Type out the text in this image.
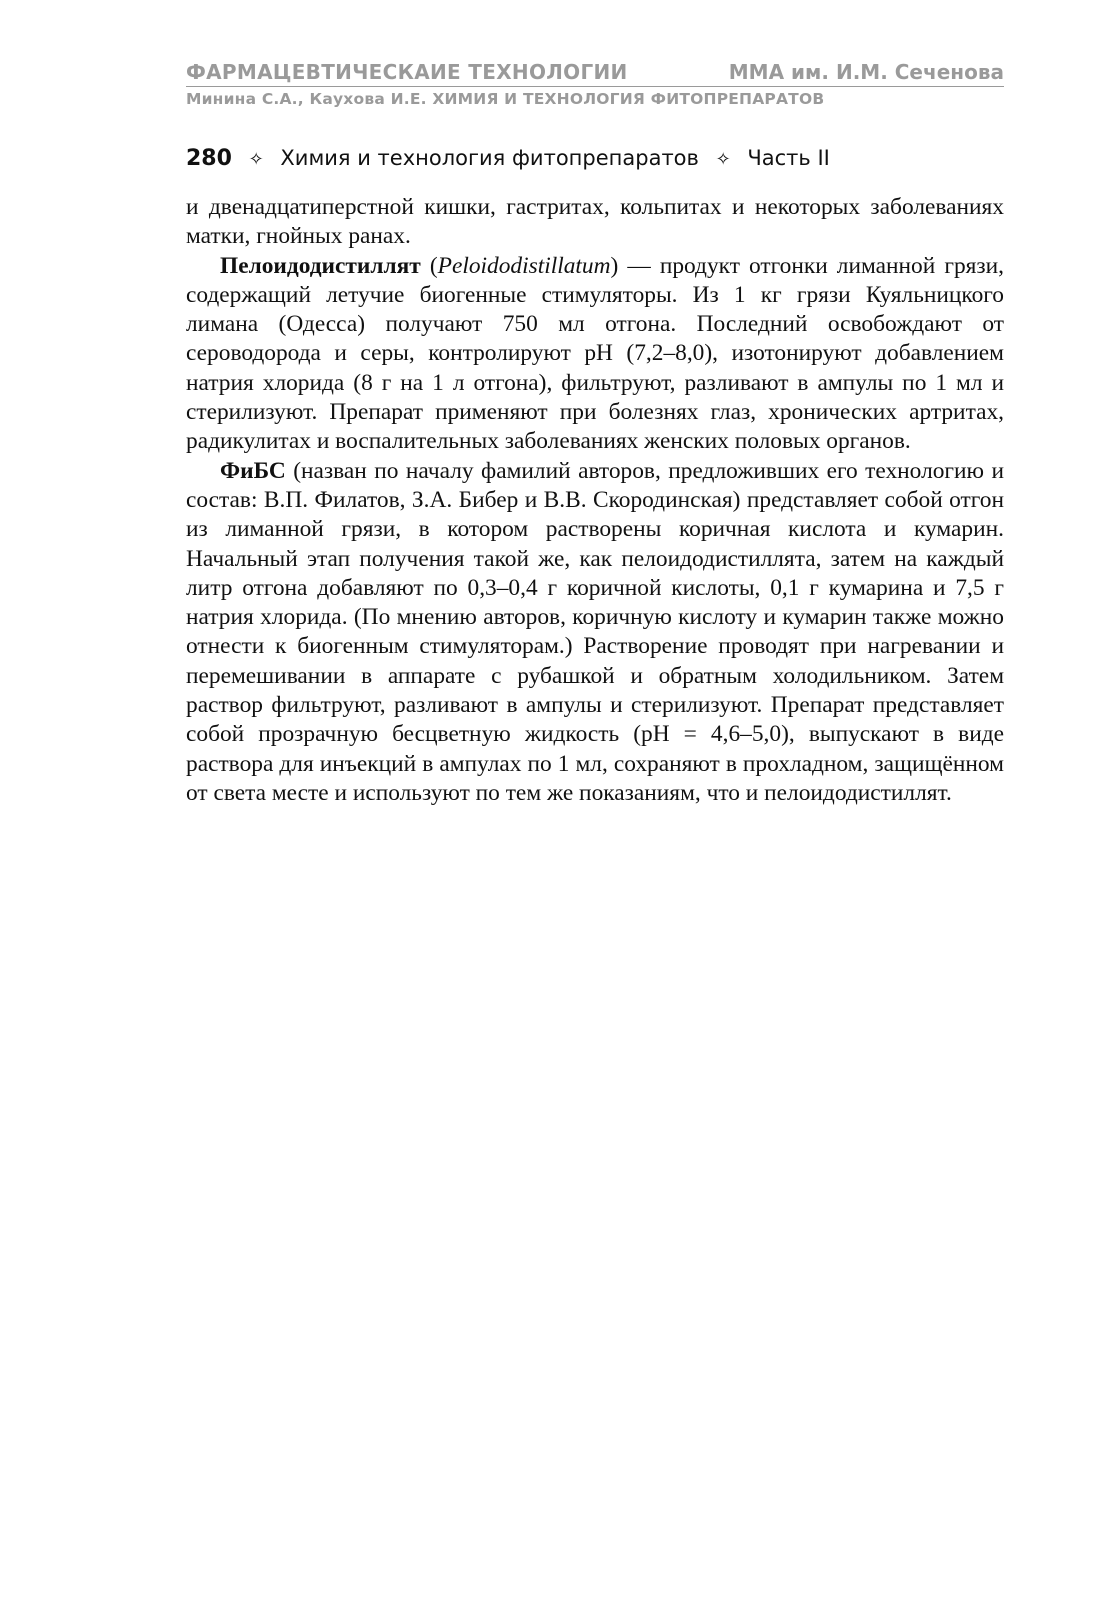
ФАРМАЦЕВТИЧЕСКАИЕ ТЕХНОЛОГИИ	ММА им. И.М. Сеченова
Минина С.А., Каухова И.Е. ХИМИЯ И ТЕХНОЛОГИЯ ФИТОПРЕПАРАТОВ
280 ✧ Химия и технология фитопрепаратов ✧ Часть II

и двенадцатиперстной кишки, гастритах, кольпитах и некоторых заболеваниях матки, гнойных ранах.

Пелоидодистиллят (Peloidodistillatum) — продукт отгонки лиманной грязи, содержащий летучие биогенные стимуляторы. Из 1 кг грязи Куяльницкого лимана (Одесса) получают 750 мл отгона. Последний освобождают от сероводорода и серы, контролируют pH (7,2–8,0), изотонируют добавлением натрия хлорида (8 г на 1 л отгона), фильтруют, разливают в ампулы по 1 мл и стерилизуют. Препарат применяют при болезнях глаз, хронических артритах, радикулитах и воспалительных заболеваниях женских половых органов.

ФиБС (назван по началу фамилий авторов, предложивших его технологию и состав: В.П. Филатов, З.А. Бибер и В.В. Скородинская) представляет собой отгон из лиманной грязи, в котором растворены коричная кислота и кумарин. Начальный этап получения такой же, как пелоидодистиллята, затем на каждый литр отгона добавляют по 0,3–0,4 г коричной кислоты, 0,1 г кумарина и 7,5 г натрия хлорида. (По мнению авторов, коричную кислоту и кумарин также можно отнести к биогенным стимуляторам.) Растворение проводят при нагревании и перемешивании в аппарате с рубашкой и обратным холодильником. Затем раствор фильтруют, разливают в ампулы и стерилизуют. Препарат представляет собой прозрачную бесцветную жидкость (pH = 4,6–5,0), выпускают в виде раствора для инъекций в ампулах по 1 мл, сохраняют в прохладном, защищённом от света месте и используют по тем же показаниям, что и пелоидодистиллят.
